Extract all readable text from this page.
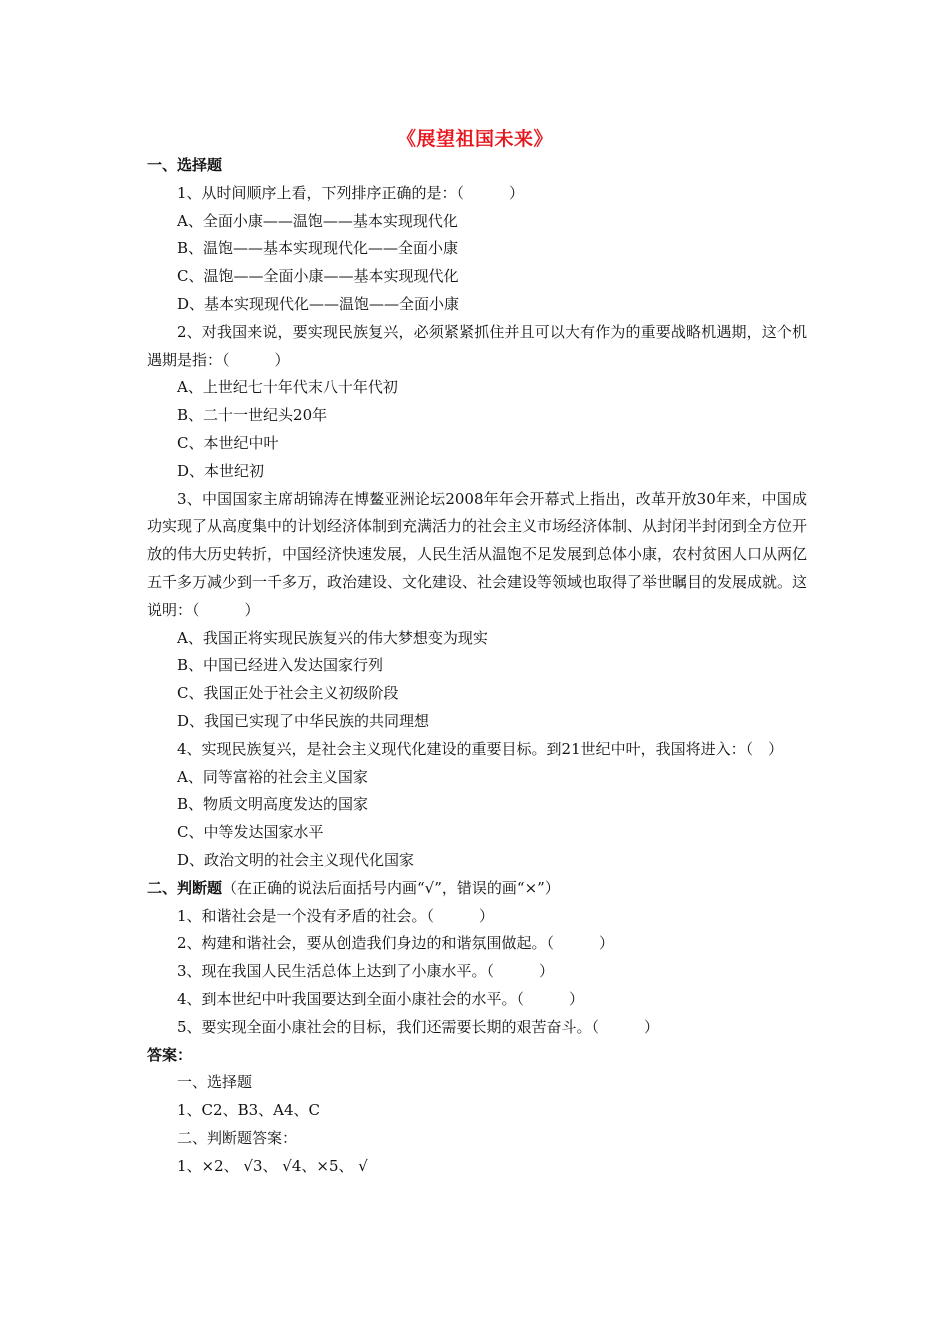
《展望祖国未来》
一、选择题
1、从时间顺序上看，下列排序正确的是：（　　　）
A、全面小康——温饱——基本实现现代化
B、温饱——基本实现现代化——全面小康
C、温饱——全面小康——基本实现现代化
D、基本实现现代化——温饱——全面小康
2、对我国来说，要实现民族复兴，必须紧紧抓住并且可以大有作为的重要战略机遇期，这个机遇期是指：（　　　）
A、上世纪七十年代末八十年代初
B、二十一世纪头20年
C、本世纪中叶
D、本世纪初
3、中国国家主席胡锦涛在博鳌亚洲论坛2008年年会开幕式上指出，改革开放30年来，中国成功实现了从高度集中的计划经济体制到充满活力的社会主义市场经济体制、从封闭半封闭到全方位开放的伟大历史转折，中国经济快速发展，人民生活从温饱不足发展到总体小康，农村贫困人口从两亿五千多万减少到一千多万，政治建设、文化建设、社会建设等领域也取得了举世瞩目的发展成就。这说明：（　　　）
A、我国正将实现民族复兴的伟大梦想变为现实
B、中国已经进入发达国家行列
C、我国正处于社会主义初级阶段
D、我国已实现了中华民族的共同理想
4、实现民族复兴，是社会主义现代化建设的重要目标。到21世纪中叶，我国将进入：（　）
A、同等富裕的社会主义国家
B、物质文明高度发达的国家
C、中等发达国家水平
D、政治文明的社会主义现代化国家
二、判断题（在正确的说法后面括号内画“√”，错误的画“×”）
1、和谐社会是一个没有矛盾的社会。（　　　）
2、构建和谐社会，要从创造我们身边的和谐氛围做起。（　　　）
3、现在我国人民生活总体上达到了小康水平。（　　　）
4、到本世纪中叶我国要达到全面小康社会的水平。（　　　）
5、要实现全面小康社会的目标，我们还需要长期的艰苦奋斗。（　　　）
答案：
一、选择题
1、C2、B3、A4、C
二、判断题答案：
1、×2、 √3、 √4、×5、 √
